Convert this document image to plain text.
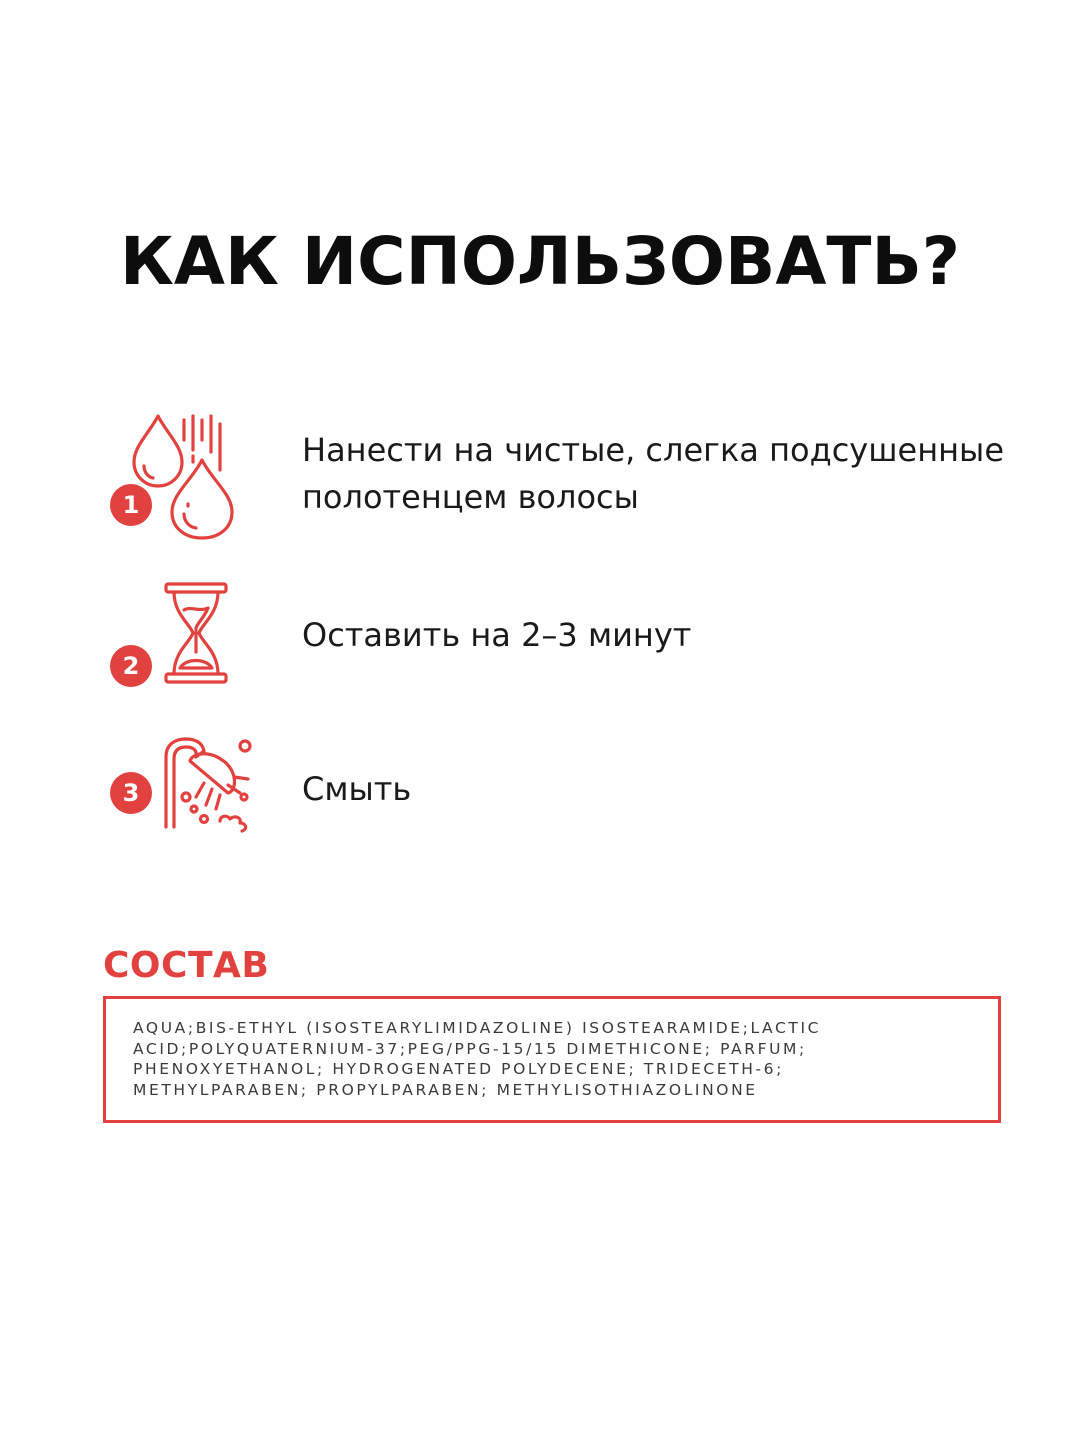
КАК ИСПОЛЬЗОВАТЬ?
1
Нанести на чистые, слегка подсушенные полотенцем волосы
2
Оставить на 2–3 минут
3	Смыть
СОСТАВ
AQUA;BIS-ETHYL (ISOSTEARYLIMIDAZOLINE) ISOSTEARAMIDE;LACTIC ACID;POLYQUATERNIUM-37;PEG/PPG-15/15 DIMETHICONE; PARFUM; PHENOXYETHANOL; HYDROGENATED POLYDECENE; TRIDECETH-6; METHYLPARABEN; PROPYLPARABEN; METHYLISOTHIAZOLINONE
